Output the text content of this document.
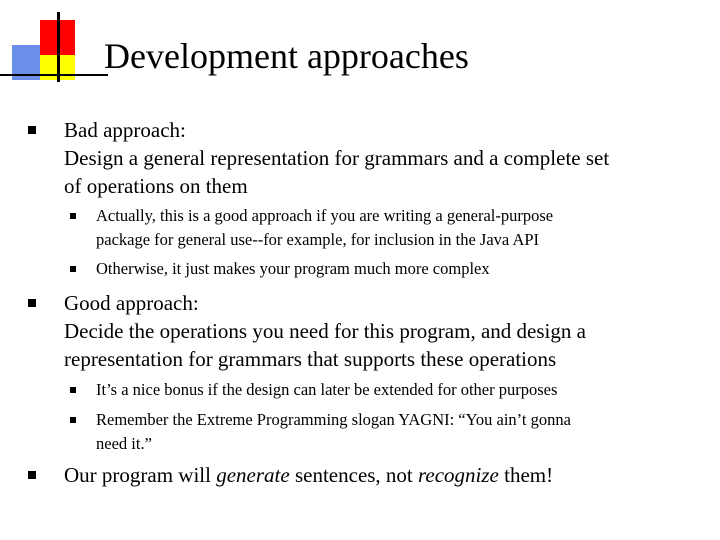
Development approaches
Bad approach:
Design a general representation for grammars and a complete set
of operations on them
Actually, this is a good approach if you are writing a general-purpose
package for general use--for example, for inclusion in the Java API
Otherwise, it just makes your program much more complex
Good approach:
Decide the operations you need for this program, and design a
representation for grammars that supports these operations
It’s a nice bonus if the design can later be extended for other purposes
Remember the Extreme Programming slogan YAGNI: “You ain’t gonna
need it.”
Our program will generate sentences, not recognize them!
